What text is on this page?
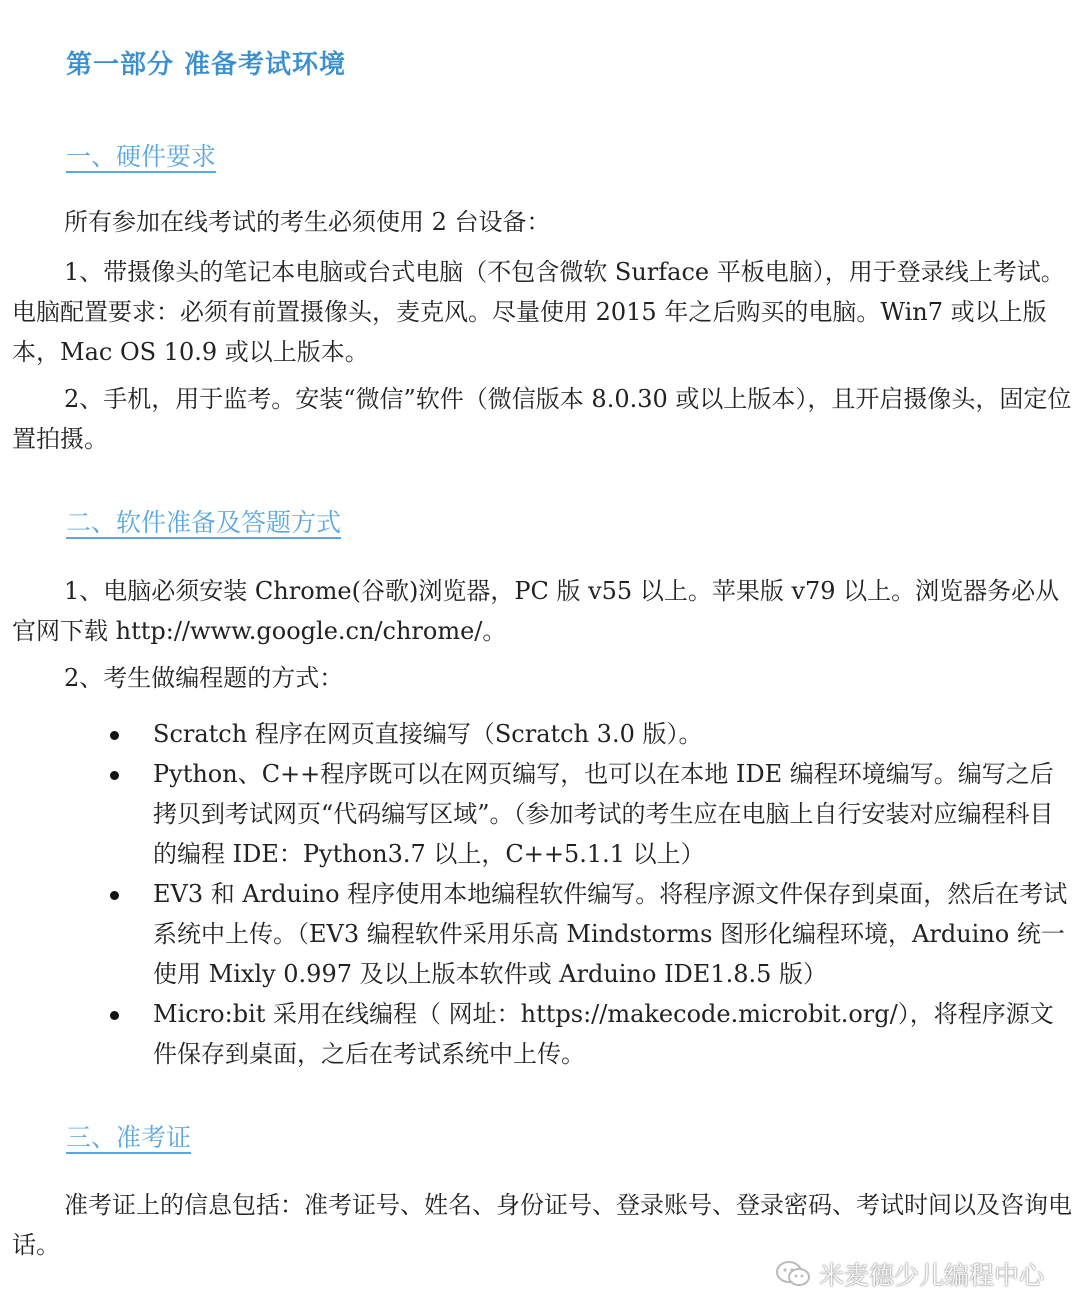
第一部分 准备考试环境
一、硬件要求
所有参加在线考试的考生必须使用 2 台设备：

1、带摄像头的笔记本电脑或台式电脑（不包含微软 Surface 平板电脑），用于登录线上考试。电脑配置要求：必须有前置摄像头，麦克风。尽量使用 2015 年之后购买的电脑。Win7 或以上版本，Mac OS 10.9 或以上版本。

2、手机，用于监考。安装“微信”软件（微信版本 8.0.30 或以上版本），且开启摄像头，固定位置拍摄。

二、软件准备及答题方式

1、电脑必须安装 Chrome(谷歌)浏览器，PC 版 v55 以上。苹果版 v79 以上。浏览器务必从官网下载 http://www.google.cn/chrome/。

2、考生做编程题的方式：
Scratch 程序在网页直接编写（Scratch 3.0 版）。
Python、C++程序既可以在网页编写，也可以在本地 IDE 编程环境编写。编写之后拷贝到考试网页“代码编写区域”。（参加考试的考生应在电脑上自行安装对应编程科目的编程 IDE：Python3.7 以上，C++5.1.1 以上）
EV3 和 Arduino 程序使用本地编程软件编写。将程序源文件保存到桌面，然后在考试系统中上传。（EV3 编程软件采用乐高 Mindstorms 图形化编程环境，Arduino 统一使用 Mixly 0.997 及以上版本软件或 Arduino IDE1.8.5 版）
Micro:bit 采用在线编程（ 网址：https://makecode.microbit.org/），将程序源文件保存到桌面，之后在考试系统中上传。
三、准考证

准考证上的信息包括：准考证号、姓名、身份证号、登录账号、登录密码、考试时间以及咨询电话。

米麦德少儿编程中心
